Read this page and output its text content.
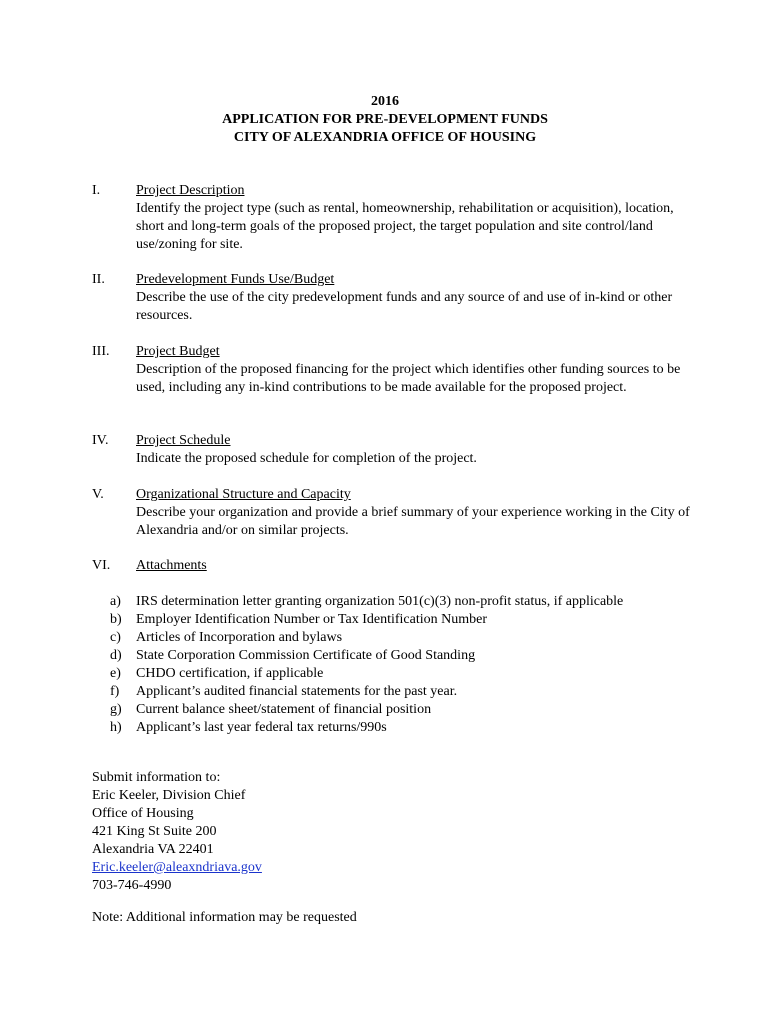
2016
APPLICATION FOR PRE-DEVELOPMENT FUNDS
CITY OF ALEXANDRIA OFFICE OF HOUSING
I.	Project Description
Identify the project type (such as rental, homeownership, rehabilitation or acquisition), location, short and long-term goals of the proposed project, the target population and site control/land use/zoning for site.
II.	Predevelopment Funds Use/Budget
Describe the use of the city predevelopment funds and any source of and use of in-kind or other resources.
III.	Project Budget
Description of the proposed financing for the project which identifies other funding sources to be used, including any in-kind contributions to be made available for the proposed project.
IV.	Project Schedule
Indicate the proposed schedule for completion of the project.
V.	Organizational Structure and Capacity
Describe your organization and provide a brief summary of your experience working in the City of Alexandria and/or on similar projects.
VI.	Attachments
a)	IRS determination letter granting organization 501(c)(3) non-profit status, if applicable
b)	Employer Identification Number or Tax Identification Number
c)	Articles of Incorporation and bylaws
d)	State Corporation Commission Certificate of Good Standing
e)	CHDO certification, if applicable
f)	Applicant’s audited financial statements for the past year.
g)	Current balance sheet/statement of financial position
h)	Applicant’s last year federal tax returns/990s
Submit information to:
Eric Keeler, Division Chief
Office of Housing
421 King St Suite 200
Alexandria VA 22401
Eric.keeler@aleaxndriava.gov
703-746-4990
Note: Additional information may be requested
